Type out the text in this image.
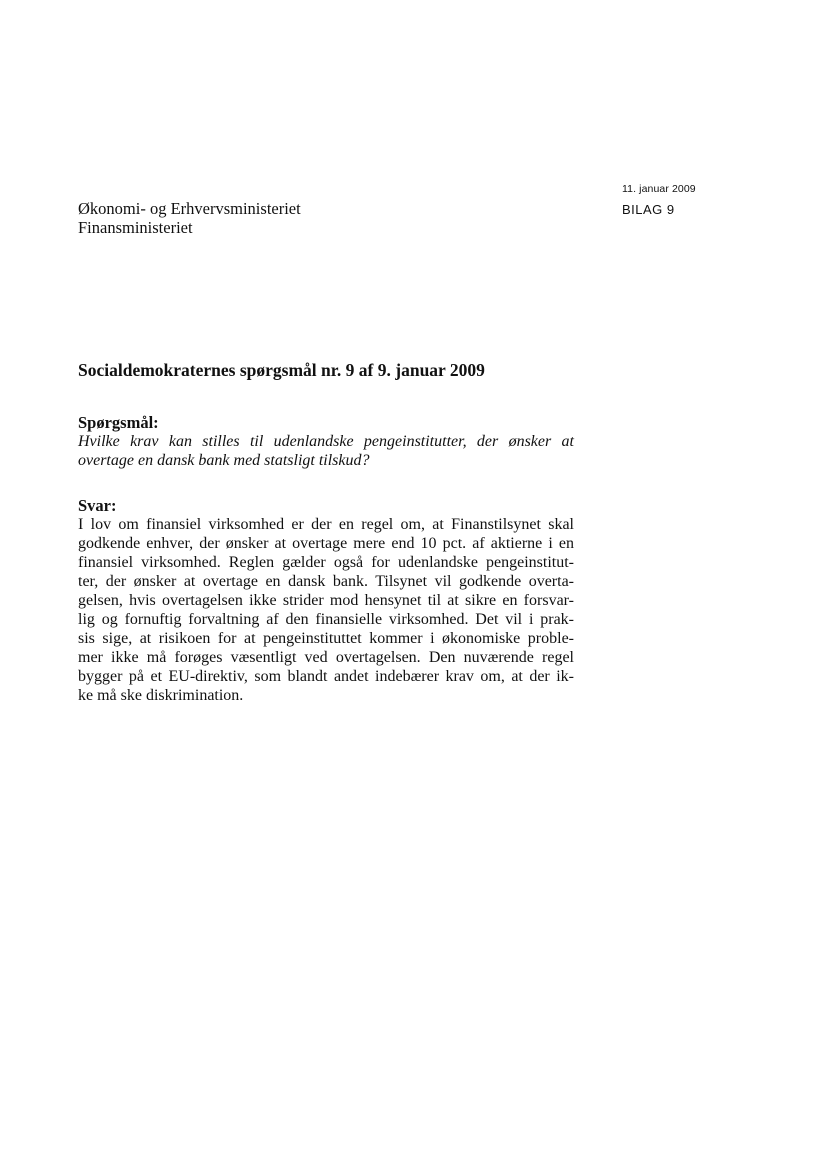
11. januar 2009
BILAG 9
Økonomi- og Erhvervsministeriet
Finansministeriet
Socialdemokraternes spørgsmål nr. 9 af 9. januar 2009

Spørgsmål:

Hvilke krav kan stilles til udenlandske pengeinstitutter, der ønsker at
overtage en dansk bank med statsligt tilskud?

Svar:

I lov om finansiel virksomhed er der en regel om, at Finanstilsynet skal
godkende enhver, der ønsker at overtage mere end 10 pct. af aktierne i en
finansiel virksomhed. Reglen gælder også for udenlandske pengeinstitut-
ter, der ønsker at overtage en dansk bank. Tilsynet vil godkende overta-
gelsen, hvis overtagelsen ikke strider mod hensynet til at sikre en forsvar-
lig og fornuftig forvaltning af den finansielle virksomhed. Det vil i prak-
sis sige, at risikoen for at pengeinstituttet kommer i økonomiske proble-
mer ikke må forøges væsentligt ved overtagelsen. Den nuværende regel
bygger på et EU-direktiv, som blandt andet indebærer krav om, at der ik-
ke må ske diskrimination.
